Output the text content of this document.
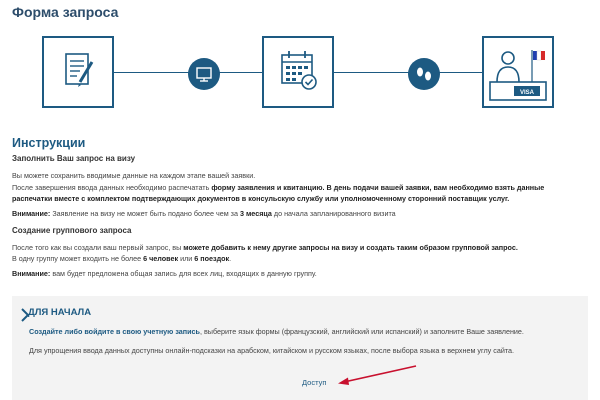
Форма запроса
VISA
Инструкции
Заполнить Ваш запрос на визу
Вы можете сохранить вводимые данные на каждом этапе вашей заявки.
После завершения ввода данных необходимо распечатать форму заявления и квитанцию. В день подачи вашей заявки, вам необходимо взять данные
распечатки вместе с комплектом подтверждающих документов в консульскую службу или уполномоченному сторонний поставщик услуг.
Внимание: Заявление на визу не может быть подано более чем за 3 месяца до начала запланированного визита
Создание группового запроса
После того как вы создали ваш первый запрос, вы можете добавить к нему другие запросы на визу и создать таким образом групповой запрос.
В одну группу может входить не более 6 человек или 6 поездок.
Внимание: вам будет предложена общая запись для всех лиц, входящих в данную группу.
ДЛЯ НАЧАЛА
Создайте либо войдите в свою учетную запись, выберите язык формы (французский, английский или испанский) и заполните Ваше заявление.
Для упрощения ввода данных доступны онлайн-подсказки на арабском, китайском и русском языках, после выбора языка в верхнем углу сайта.
Доступ
